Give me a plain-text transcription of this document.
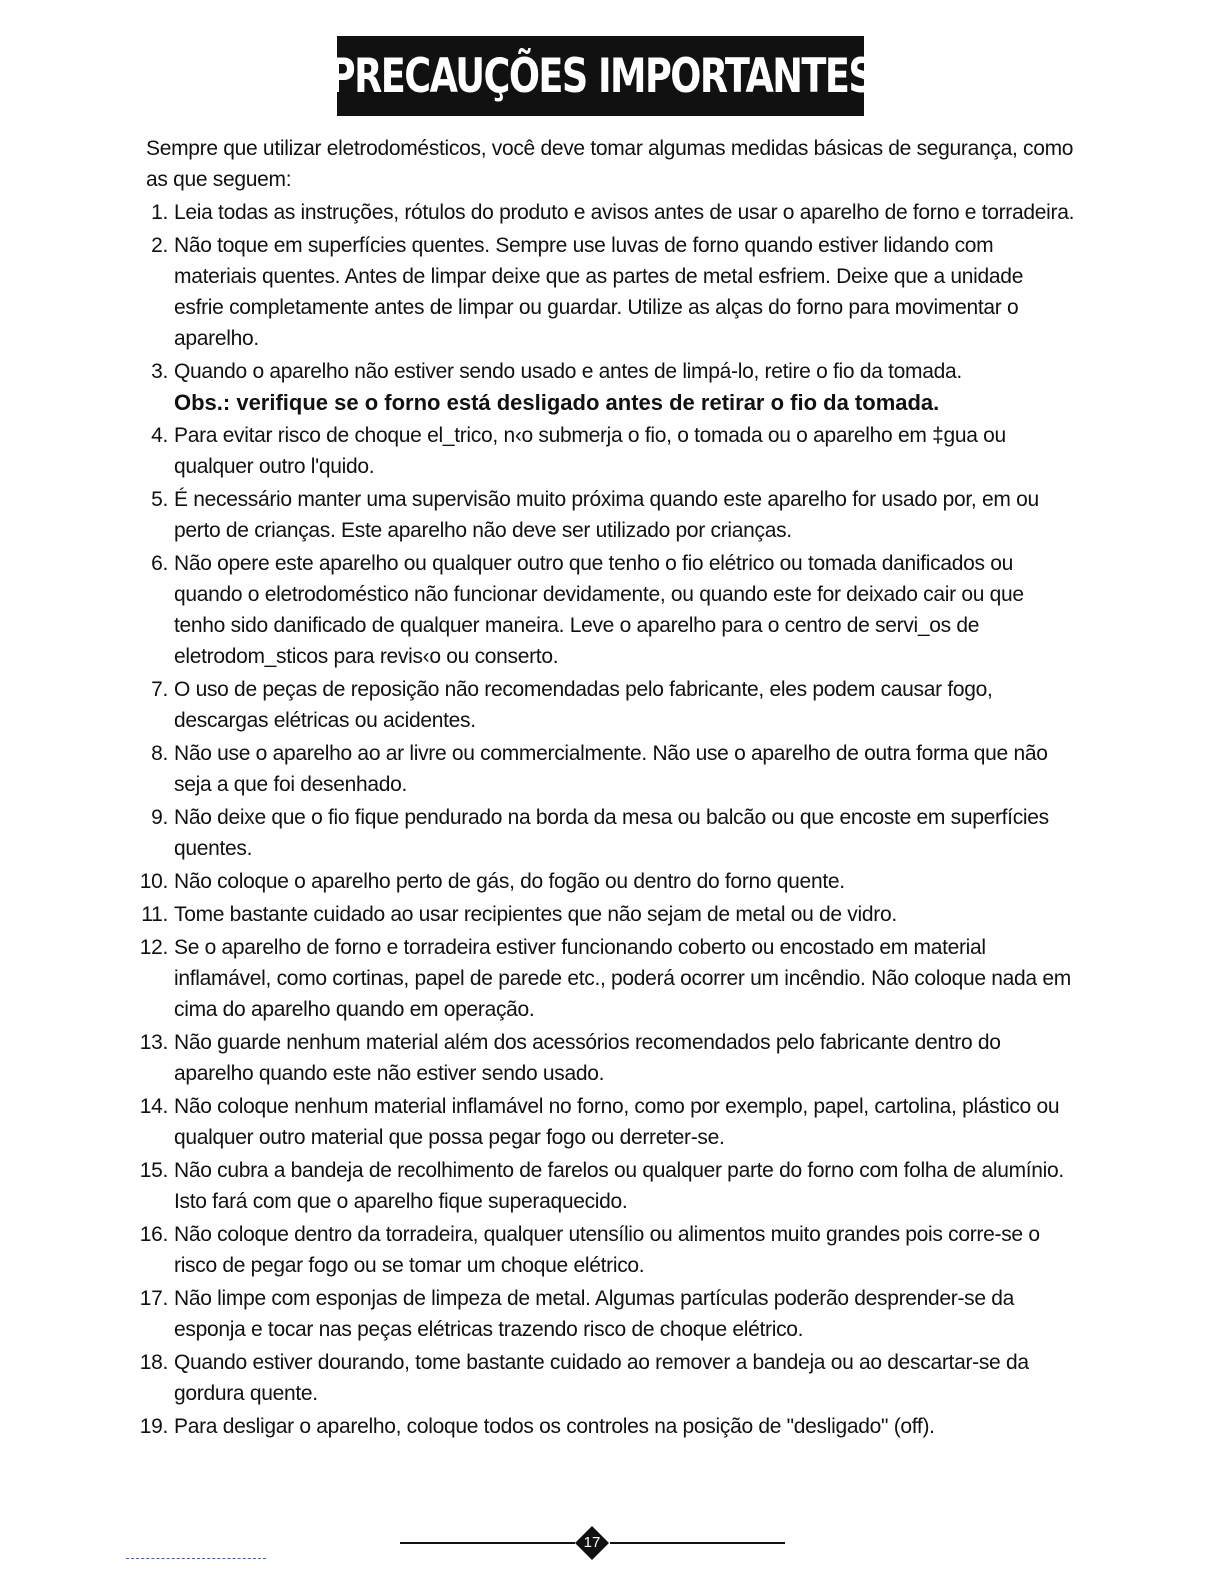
PRECAUÇÕES IMPORTANTES

Sempre que utilizar eletrodomésticos, você deve tomar algumas medidas básicas de segurança, como as que seguem:

1. Leia todas as instruções, rótulos do produto e avisos antes de usar o aparelho de forno e torradeira.
2. Não toque em superfícies quentes. Sempre use luvas de forno quando estiver lidando com materiais quentes. Antes de limpar deixe que as partes de metal esfriem. Deixe que a unidade esfrie completamente antes de limpar ou guardar. Utilize as alças do forno para movimentar o aparelho.
3. Quando o aparelho não estiver sendo usado e antes de limpá-lo, retire o fio da tomada.

Obs.: verifique se o forno está desligado antes de retirar o fio da tomada.

4. Para evitar risco de choque el_trico, n‹o submerja o fio, o tomada ou o aparelho em ‡gua ou qualquer outro l'quido.
5. É necessário manter uma supervisão muito próxima quando este aparelho for usado por, em ou perto de crianças. Este aparelho não deve ser utilizado por crianças.
6. Não opere este aparelho ou qualquer outro que tenho o fio elétrico ou tomada danificados ou quando o eletrodoméstico não funcionar devidamente, ou quando este for deixado cair ou que tenho sido danificado de qualquer maneira. Leve o aparelho para o centro de servi_os de eletrodom_sticos para revis‹o ou conserto.
7. O uso de peças de reposição não recomendadas pelo fabricante, eles podem causar fogo, descargas elétricas ou acidentes.
8. Não use o aparelho ao ar livre ou commercialmente. Não use o aparelho de outra forma que não seja a que foi desenhado.
9. Não deixe que o fio fique pendurado na borda da mesa ou balcão ou que encoste em superfícies quentes.
10. Não coloque o aparelho perto de gás, do fogão ou dentro do forno quente.
11. Tome bastante cuidado ao usar recipientes que não sejam de metal ou de vidro.
12. Se o aparelho de forno e torradeira estiver funcionando coberto ou encostado em material inflamável, como cortinas, papel de parede etc., poderá ocorrer um incêndio. Não coloque nada em cima do aparelho quando em operação.
13. Não guarde nenhum material além dos acessórios recomendados pelo fabricante dentro do aparelho quando este não estiver sendo usado.
14. Não coloque nenhum material inflamável no forno, como por exemplo, papel, cartolina, plástico ou qualquer outro material que possa pegar fogo ou derreter-se.
15. Não cubra a bandeja de recolhimento de farelos ou qualquer parte do forno com folha de alumínio. Isto fará com que o aparelho fique superaquecido.
16. Não coloque dentro da torradeira, qualquer utensílio ou alimentos muito grandes pois corre-se o risco de pegar fogo ou se tomar um choque elétrico.
17. Não limpe com esponjas de limpeza de metal. Algumas partículas poderão desprender-se da esponja e tocar nas peças elétricas trazendo risco de choque elétrico.
18. Quando estiver dourando, tome bastante cuidado ao remover a bandeja ou ao descartar-se da gordura quente.
19. Para desligar o aparelho, coloque todos os controles na posição de "desligado" (off).
17
